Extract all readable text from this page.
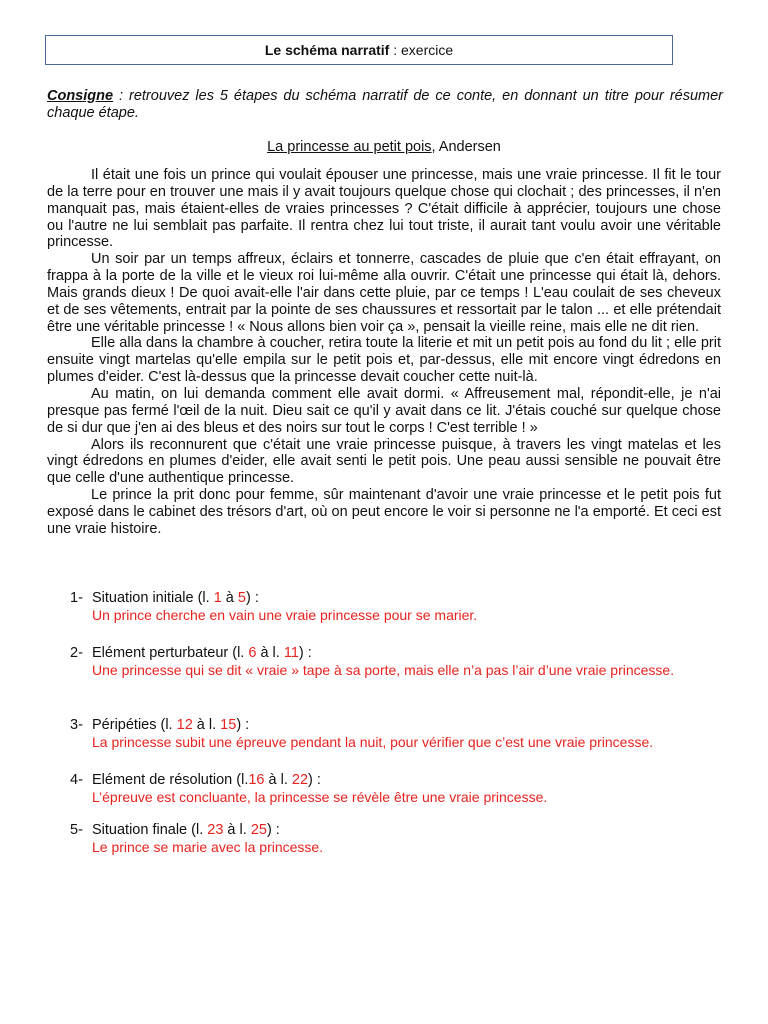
Le schéma narratif : exercice
Consigne : retrouvez les 5 étapes du schéma narratif de ce conte, en donnant un titre pour résumer chaque étape.
La princesse au petit pois, Andersen

Il était une fois un prince qui voulait épouser une princesse, mais une vraie princesse. Il fit le tour de la terre pour en trouver une mais il y avait toujours quelque chose qui clochait ; des princesses, il n'en manquait pas, mais étaient-elles de vraies princesses ? C'était difficile à apprécier, toujours une chose ou l'autre ne lui semblait pas parfaite. Il rentra chez lui tout triste, il aurait tant voulu avoir une véritable princesse.

Un soir par un temps affreux, éclairs et tonnerre, cascades de pluie que c'en était effrayant, on frappa à la porte de la ville et le vieux roi lui-même alla ouvrir. C'était une princesse qui était là, dehors. Mais grands dieux ! De quoi avait-elle l'air dans cette pluie, par ce temps ! L'eau coulait de ses cheveux et de ses vêtements, entrait par la pointe de ses chaussures et ressortait par le talon ... et elle prétendait être une véritable princesse ! « Nous allons bien voir ça », pensait la vieille reine, mais elle ne dit rien.

Elle alla dans la chambre à coucher, retira toute la literie et mit un petit pois au fond du lit ; elle prit ensuite vingt martelas qu'elle empila sur le petit pois et, par-dessus, elle mit encore vingt édredons en plumes d'eider. C'est là-dessus que la princesse devait coucher cette nuit-là.

Au matin, on lui demanda comment elle avait dormi. « Affreusement mal, répondit-elle, je n'ai presque pas fermé l'œil de la nuit. Dieu sait ce qu'il y avait dans ce lit. J'étais couché sur quelque chose de si dur que j'en ai des bleus et des noirs sur tout le corps ! C'est terrible ! »

Alors ils reconnurent que c'était une vraie princesse puisque, à travers les vingt matelas et les vingt édredons en plumes d'eider, elle avait senti le petit pois. Une peau aussi sensible ne pouvait être que celle d'une authentique princesse.

Le prince la prit donc pour femme, sûr maintenant d'avoir une vraie princesse et le petit pois fut exposé dans le cabinet des trésors d'art, où on peut encore le voir si personne ne l'a emporté. Et ceci est une vraie histoire.

1- Situation initiale (l. 1 à 5) :
Un prince cherche en vain une vraie princesse pour se marier.
2- Elément perturbateur (l. 6 à l. 11) :
Une princesse qui se dit « vraie » tape à sa porte, mais elle n’a pas l’air d’une vraie princesse.
3- Péripéties (l. 12 à l. 15) :
La princesse subit une épreuve pendant la nuit, pour vérifier que c’est une vraie princesse.
4- Elément de résolution (l.16 à l. 22) :
L’épreuve est concluante, la princesse se révèle être une vraie princesse.
5- Situation finale (l. 23 à l. 25) :
Le prince se marie avec la princesse.
